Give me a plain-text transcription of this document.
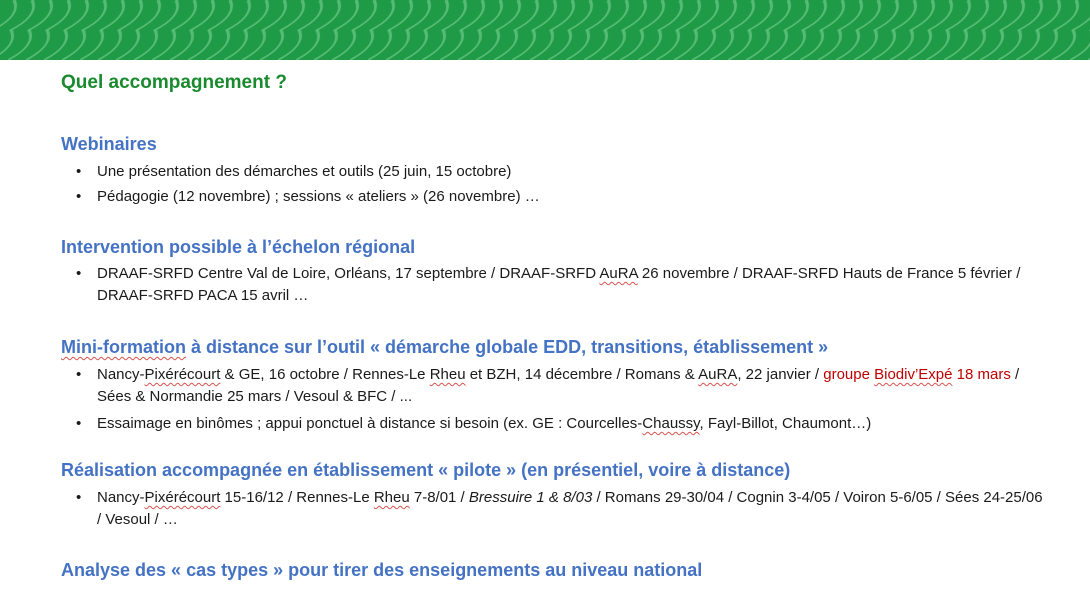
Quel accompagnement ?
Webinaires
• Une présentation des démarches et outils (25 juin, 15 octobre)
• Pédagogie (12 novembre) ; sessions « ateliers » (26 novembre) …
Intervention possible à l’échelon régional
• DRAAF-SRFD Centre Val de Loire, Orléans, 17 septembre / DRAAF-SRFD AuRA 26 novembre / DRAAF-SRFD Hauts de France 5 février / DRAAF-SRFD PACA 15 avril …
Mini-formation à distance sur l’outil « démarche globale EDD, transitions, établissement »
• Nancy-Pixérécourt & GE, 16 octobre / Rennes-Le Rheu et BZH, 14 décembre / Romans & AuRA, 22 janvier / groupe Biodiv’Expé 18 mars / Sées & Normandie 25 mars / Vesoul & BFC / ...
• Essaimage en binômes ; appui ponctuel à distance si besoin (ex. GE : Courcelles-Chaussy, Fayl-Billot, Chaumont…)
Réalisation accompagnée en établissement « pilote » (en présentiel, voire à distance)
• Nancy-Pixérécourt 15-16/12 / Rennes-Le Rheu 7-8/01 / Bressuire 1 & 8/03 / Romans 29-30/04 / Cognin 3-4/05 / Voiron 5-6/05 / Sées 24-25/06 / Vesoul / …
Analyse des « cas types » pour tirer des enseignements au niveau national
